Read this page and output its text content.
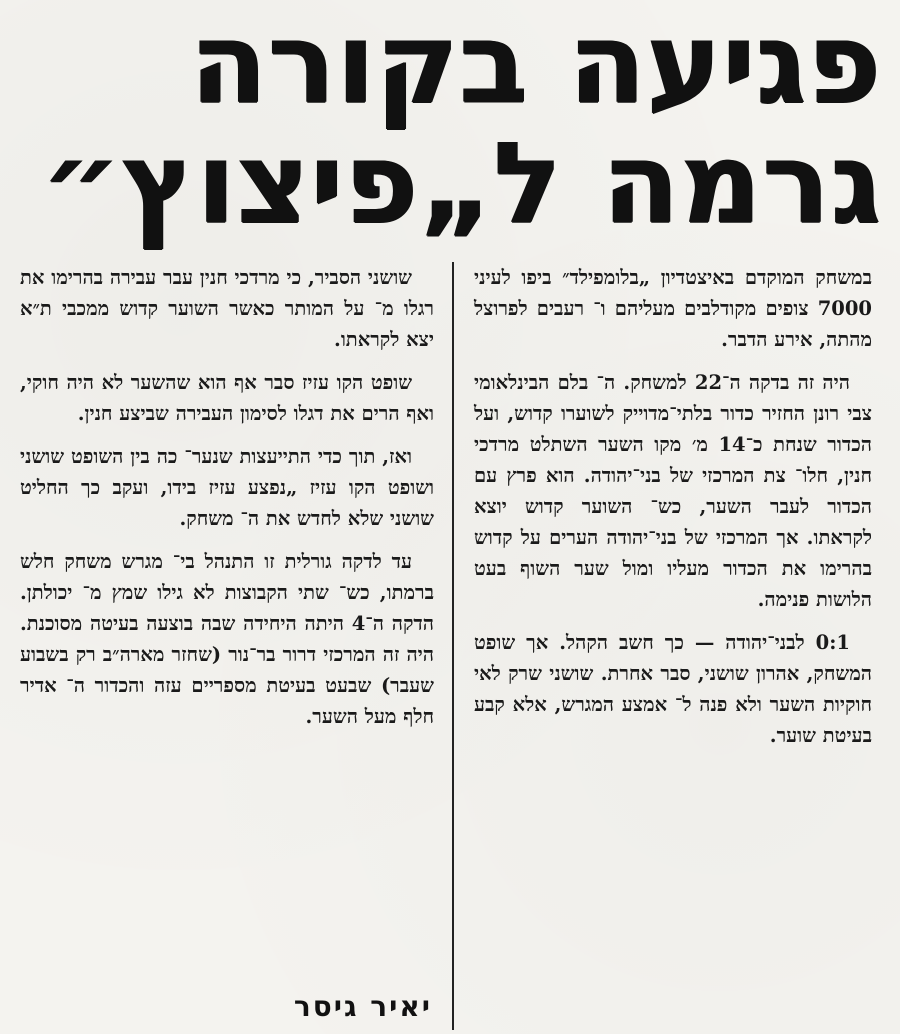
פגיעה בקורה
גרמה ל„פיצוץ״

במשחק המוקדם באיצטדיון „בלומפילד״ ביפו לעיני 7000 צופים מקודלבים מעליהם ו־ רעבים לפרוצל מהתה, אירע הדבר.

היה זה בדקה ה־22 למשחק. ה־ בלם הבינלאומי צבי רונן החזיר כדור בלתי־מדוייק לשוערו קדוש, ועל הכדור שנחת כ־14 מ׳ מקו השער השתלט מרדכי חנין, חלו־ צת המרכזי של בני־יהודה. הוא פרץ עם הכדור לעבר השער, כש־ השוער קדוש יוצא לקראתו. אך המרכזי של בני־יהודה הערים על קדוש בהרימו את הכדור מעליו ומול שער השוף בעט הלושות פנימה.

0:1 לבני־יהודה — כך חשב הקהל. אך שופט המשחק, אהרון שושני, סבר אחרת. שושני שרק לאי חוקיות השער ולא פנה ל־ אמצע המגרש, אלא קבע בעיטת שוער.

שושני הסביר, כי מרדכי חנין עבר עבירה בהרימו את רגלו מ־ על המותר כאשר השוער קדוש ממכבי ת״א יצא לקראתו.

שופט הקו עזיז סבר אף הוא שהשער לא היה חוקי, ואף הרים את דגלו לסימון העבירה שביצע חנין.

ואז, תוך כדי התייעצות שנער־ כה בין השופט שושני ושופט הקו עזיז „נפצע עזיז בידו, ועקב כך החליט שושני שלא לחדש את ה־ משחק.

עד לדקה גורלית זו התנהל בי־ מגרש משחק חלש ברמתו, כש־ שתי הקבוצות לא גילו שמץ מ־ יכולתן. הדקה ה־4 היתה היחידה שבה בוצעה בעיטה מסוכנת. היה זה המרכזי דרור בר־נור (שחזר מארה״ב רק בשבוע שעבר) שבעט בעיטת מספריים עזה והכדור ה־ אדיר חלף מעל השער.

יאיר גיסר
